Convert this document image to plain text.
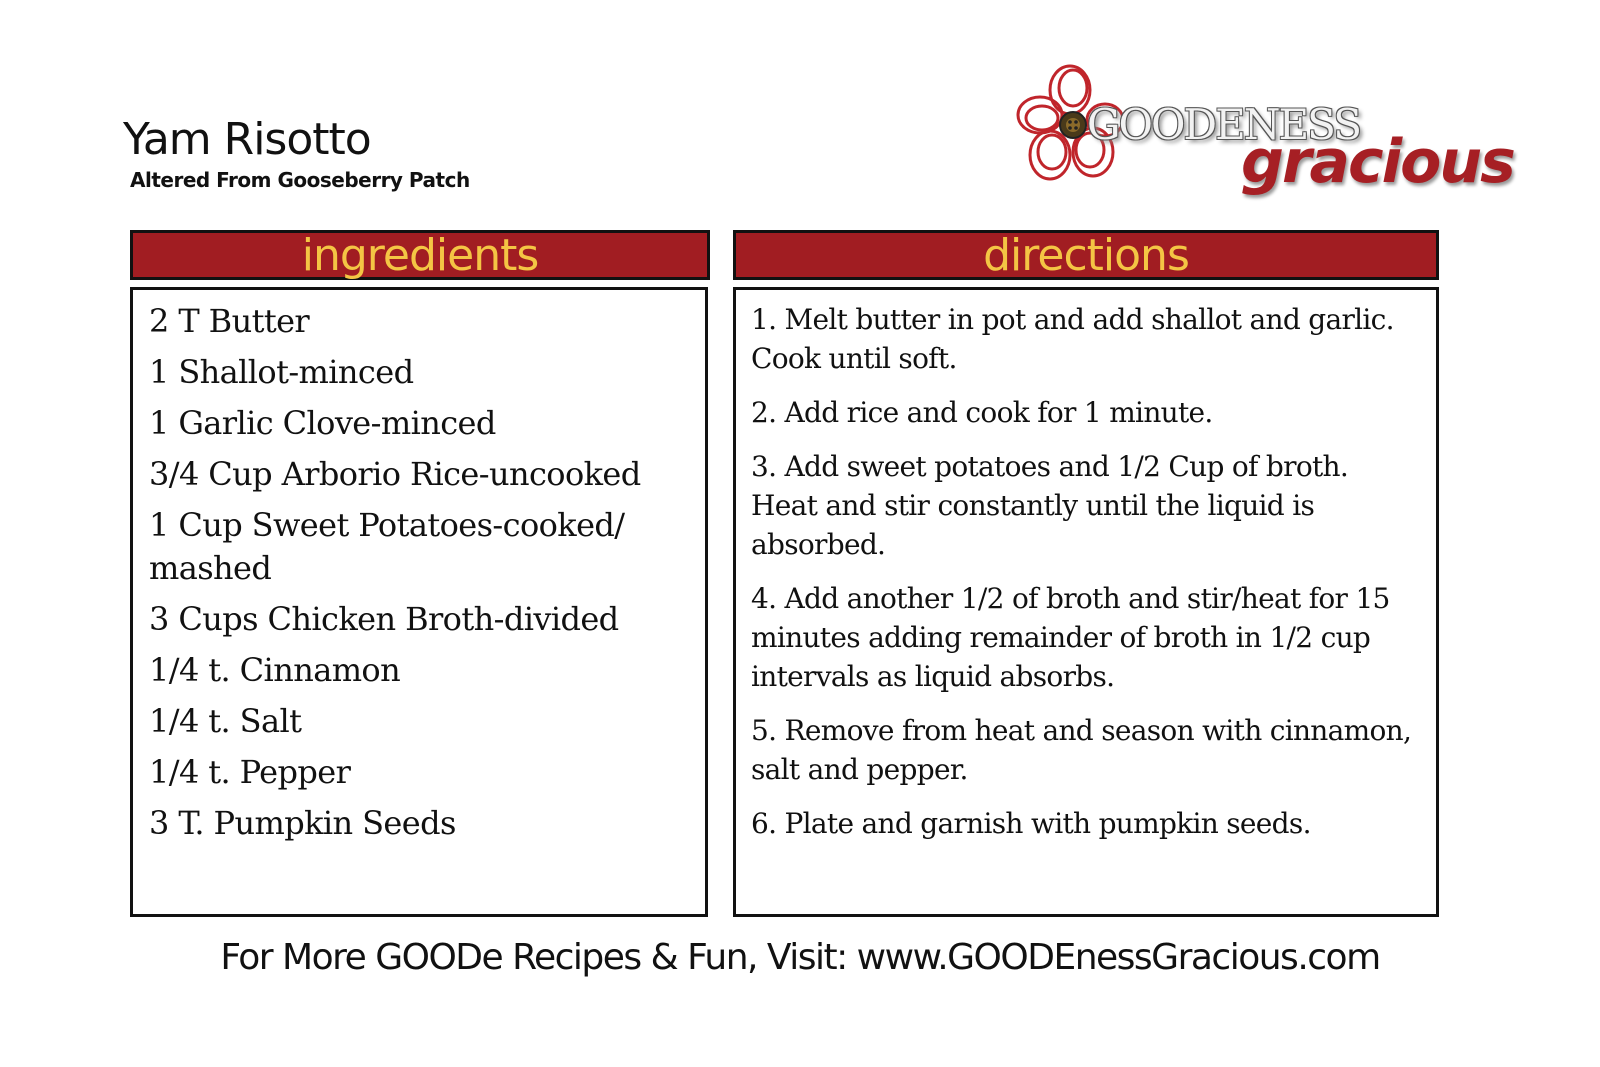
Yam Risotto
Altered From Gooseberry Patch
GOODENESS
gracious
ingredients
2 T Butter
1 Shallot-minced
1 Garlic Clove-minced
3/4 Cup Arborio Rice-uncooked
1 Cup Sweet Potatoes-cooked/ mashed
3 Cups Chicken Broth-divided
1/4 t. Cinnamon
1/4 t. Salt
1/4 t. Pepper
3 T. Pumpkin Seeds
directions
1. Melt butter in pot and add shallot and garlic. Cook until soft.
2. Add rice and cook for 1 minute.
3. Add sweet potatoes and 1/2 Cup of broth. Heat and stir constantly until the liquid is absorbed.
4. Add another 1/2 of broth and stir/heat for 15 minutes adding remainder of broth in 1/2 cup intervals as liquid absorbs.
5. Remove from heat and season with cinnamon, salt and pepper.
6. Plate and garnish with pumpkin seeds.
For More GOODe Recipes & Fun, Visit: www.GOODEnessGracious.com
